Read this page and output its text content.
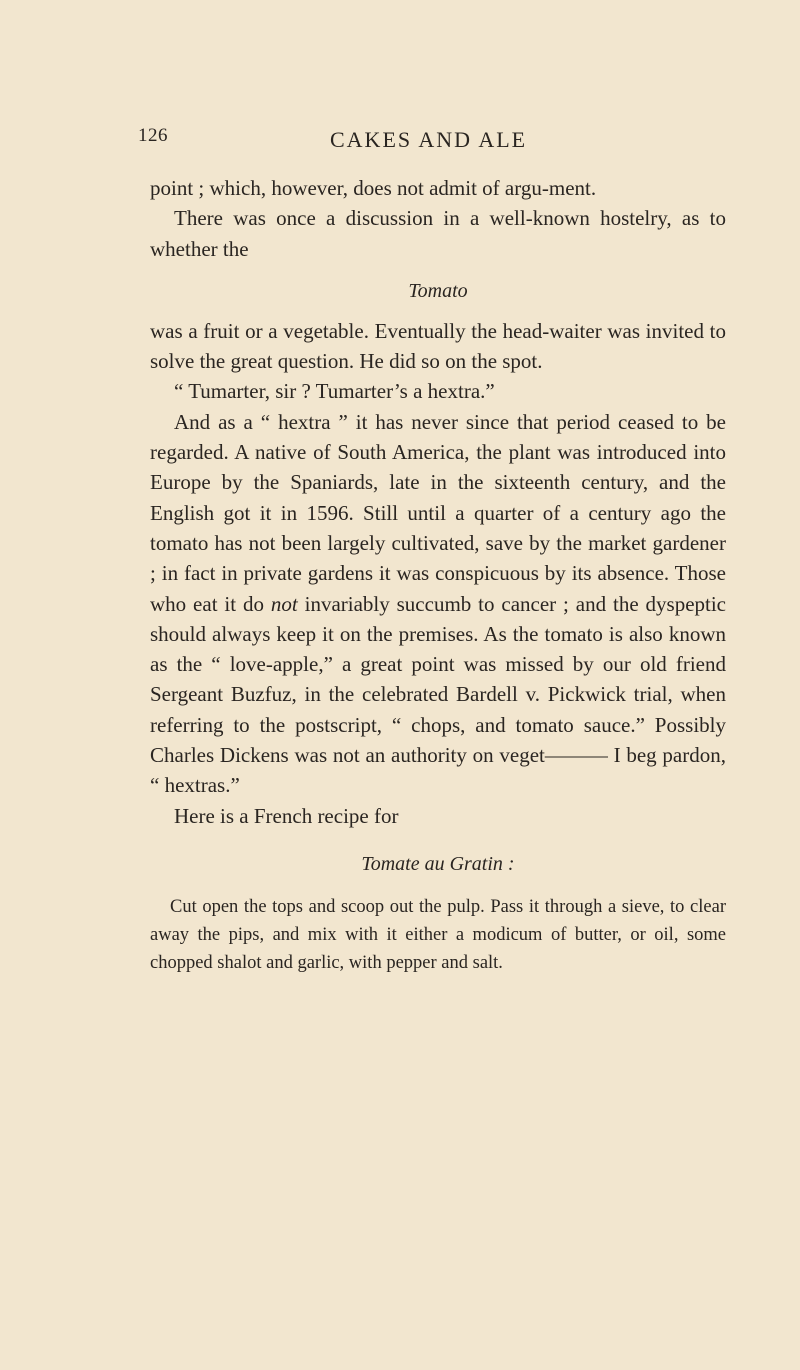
126	CAKES AND ALE

point ; which, however, does not admit of argu-ment.

There was once a discussion in a well-known hostelry, as to whether the

Tomato

was a fruit or a vegetable. Eventually the head-waiter was invited to solve the great question. He did so on the spot.

“ Tumarter, sir ? Tumarter’s a hextra.”

And as a “ hextra ” it has never since that period ceased to be regarded. A native of South America, the plant was introduced into Europe by the Spaniards, late in the sixteenth century, and the English got it in 1596. Still until a quarter of a century ago the tomato has not been largely cultivated, save by the market gardener ; in fact in private gardens it was conspicuous by its absence. Those who eat it do not invariably succumb to cancer ; and the dyspeptic should always keep it on the premises. As the tomato is also known as the “ love-apple,” a great point was missed by our old friend Sergeant Buzfuz, in the celebrated Bardell v. Pickwick trial, when referring to the postscript, “ chops, and tomato sauce.” Possibly Charles Dickens was not an authority on veget——— I beg pardon, “ hextras.”

Here is a French recipe for

Tomate au Gratin :

Cut open the tops and scoop out the pulp. Pass it through a sieve, to clear away the pips, and mix with it either a modicum of butter, or oil, some chopped shalot and garlic, with pepper and salt.
